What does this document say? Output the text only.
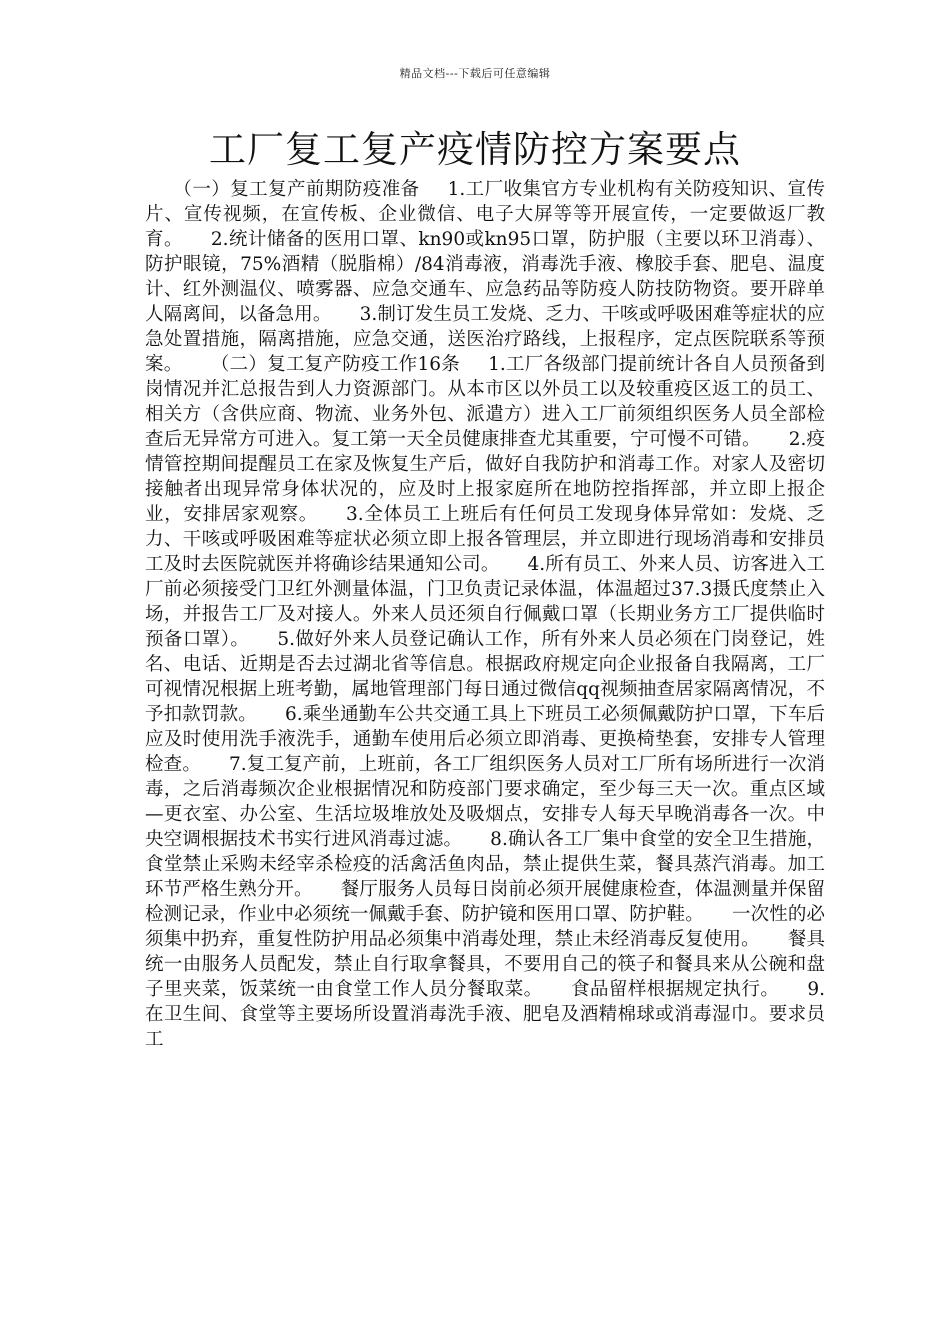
精品文档---下载后可任意编辑
工厂复工复产疫情防控方案要点
（一）复工复产前期防疫准备 1.工厂收集官方专业机构有关防疫知识、宣传片、宣传视频，在宣传板、企业微信、电子大屏等等开展宣传，一定要做返厂教育。 2.统计储备的医用口罩、kn90或kn95口罩，防护服（主要以环卫消毒）、防护眼镜，75%酒精（脱脂棉）/84消毒液，消毒洗手液、橡胶手套、肥皂、温度计、红外测温仪、喷雾器、应急交通车、应急药品等防疫人防技防物资。要开辟单人隔离间，以备急用。 3.制订发生员工发烧、乏力、干咳或呼吸困难等症状的应急处置措施，隔离措施，应急交通，送医治疗路线，上报程序，定点医院联系等预案。 （二）复工复产防疫工作16条 1.工厂各级部门提前统计各自人员预备到岗情况并汇总报告到人力资源部门。从本市区以外员工以及较重疫区返工的员工、相关方（含供应商、物流、业务外包、派遣方）进入工厂前须组织医务人员全部检查后无异常方可进入。复工第一天全员健康排查尤其重要，宁可慢不可错。 2.疫情管控期间提醒员工在家及恢复生产后，做好自我防护和消毒工作。对家人及密切接触者出现异常身体状况的，应及时上报家庭所在地防控指挥部，并立即上报企业，安排居家观察。 3.全体员工上班后有任何员工发现身体异常如：发烧、乏力、干咳或呼吸困难等症状必须立即上报各管理层，并立即进行现场消毒和安排员工及时去医院就医并将确诊结果通知公司。 4.所有员工、外来人员、访客进入工厂前必须接受门卫红外测量体温，门卫负责记录体温，体温超过37.3摄氏度禁止入场，并报告工厂及对接人。外来人员还须自行佩戴口罩（长期业务方工厂提供临时预备口罩）。 5.做好外来人员登记确认工作，所有外来人员必须在门岗登记，姓名、电话、近期是否去过湖北省等信息。根据政府规定向企业报备自我隔离，工厂可视情况根据上班考勤，属地管理部门每日通过微信qq视频抽查居家隔离情况，不予扣款罚款。 6.乘坐通勤车公共交通工具上下班员工必须佩戴防护口罩，下车后应及时使用洗手液洗手，通勤车使用后必须立即消毒、更换椅垫套，安排专人管理检查。 7.复工复产前，上班前，各工厂组织医务人员对工厂所有场所进行一次消毒，之后消毒频次企业根据情况和防疫部门要求确定，至少每三天一次。重点区域—更衣室、办公室、生活垃圾堆放处及吸烟点，安排专人每天早晚消毒各一次。中央空调根据技术书实行进风消毒过滤。 8.确认各工厂集中食堂的安全卫生措施，食堂禁止采购未经宰杀检疫的活禽活鱼肉品，禁止提供生菜，餐具蒸汽消毒。加工环节严格生熟分开。 餐厅服务人员每日岗前必须开展健康检查，体温测量并保留检测记录，作业中必须统一佩戴手套、防护镜和医用口罩、防护鞋。 一次性的必须集中扔弃，重复性防护用品必须集中消毒处理，禁止未经消毒反复使用。 餐具统一由服务人员配发，禁止自行取拿餐具，不要用自己的筷子和餐具来从公碗和盘子里夹菜，饭菜统一由食堂工作人员分餐取菜。 食品留样根据规定执行。 9.在卫生间、食堂等主要场所设置消毒洗手液、肥皂及酒精棉球或消毒湿巾。要求员工
